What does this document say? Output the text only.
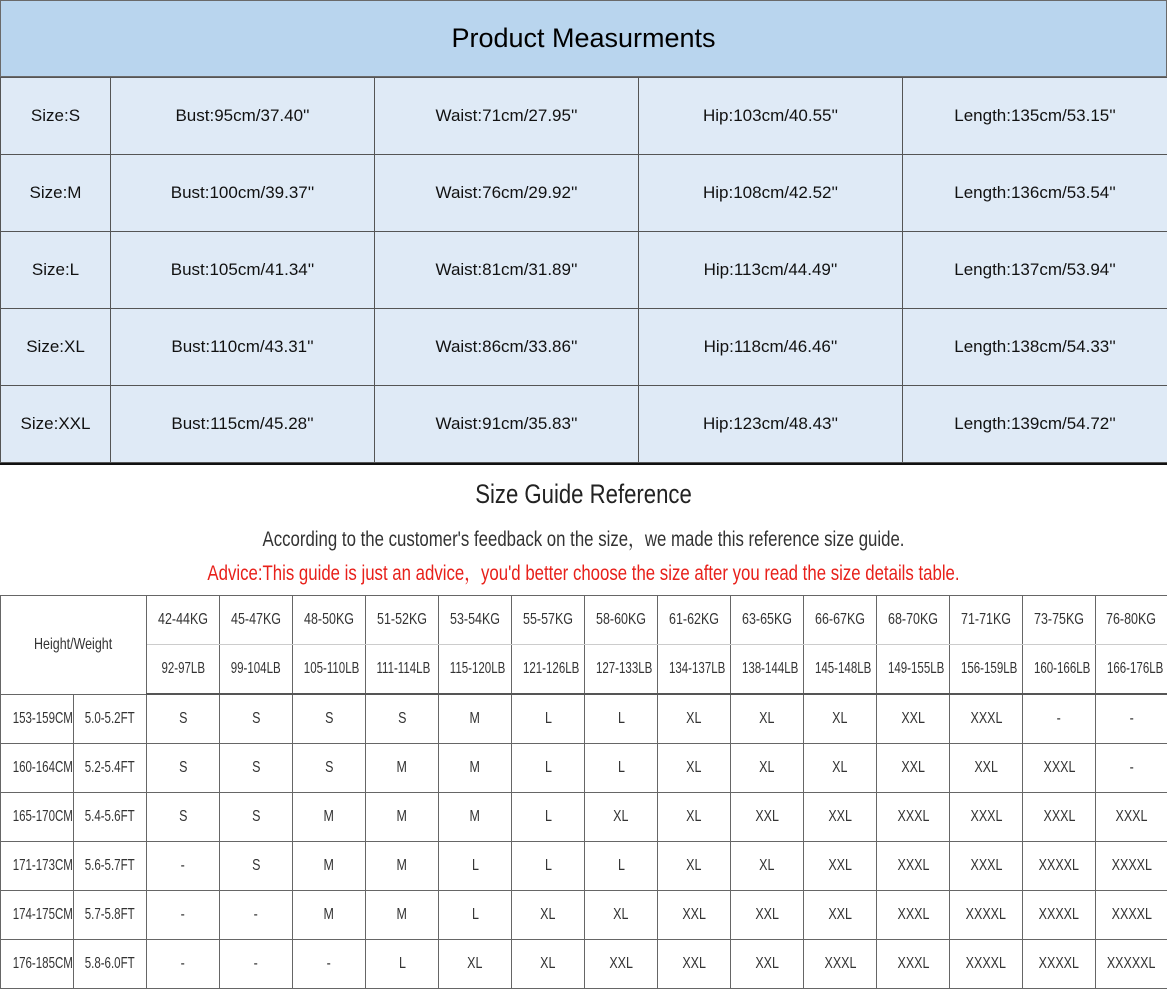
Product Measurments
Size:S	Bust:95cm/37.40''	Waist:71cm/27.95''	Hip:103cm/40.55''	Length:135cm/53.15''
Size:M	Bust:100cm/39.37''	Waist:76cm/29.92''	Hip:108cm/42.52''	Length:136cm/53.54''
Size:L	Bust:105cm/41.34''	Waist:81cm/31.89''	Hip:113cm/44.49''	Length:137cm/53.94''
Size:XL	Bust:110cm/43.31''	Waist:86cm/33.86''	Hip:118cm/46.46''	Length:138cm/54.33''
Size:XXL	Bust:115cm/45.28''	Waist:91cm/35.83''	Hip:123cm/48.43''	Length:139cm/54.72''
Size Guide Reference
According to the customer's feedback on the size，we made this reference size guide.
Advice:This guide is just an advice，you'd better choose the size after you read the size details table.
Height/Weight		42-44KG	45-47KG	48-50KG	51-52KG	53-54KG	55-57KG	58-60KG	61-62KG	63-65KG	66-67KG	68-70KG	71-71KG	73-75KG	76-80KG
		92-97LB	99-104LB	105-110LB	111-114LB	115-120LB	121-126LB	127-133LB	134-137LB	138-144LB	145-148LB	149-155LB	156-159LB	160-166LB	166-176LB
153-159CM	5.0-5.2FT	S	S	S	S	M	L	L	XL	XL	XL	XXL	XXXL	-	-
160-164CM	5.2-5.4FT	S	S	S	M	M	L	L	XL	XL	XL	XXL	XXL	XXXL	-
165-170CM	5.4-5.6FT	S	S	M	M	M	L	XL	XL	XXL	XXL	XXXL	XXXL	XXXL	XXXL
171-173CM	5.6-5.7FT	-	S	M	M	L	L	L	XL	XL	XXL	XXXL	XXXL	XXXXL	XXXXL
174-175CM	5.7-5.8FT	-	-	M	M	L	XL	XL	XXL	XXL	XXL	XXXL	XXXXL	XXXXL	XXXXL
176-185CM	5.8-6.0FT	-	-	-	L	XL	XL	XXL	XXL	XXL	XXXL	XXXL	XXXXL	XXXXL	XXXXXL
